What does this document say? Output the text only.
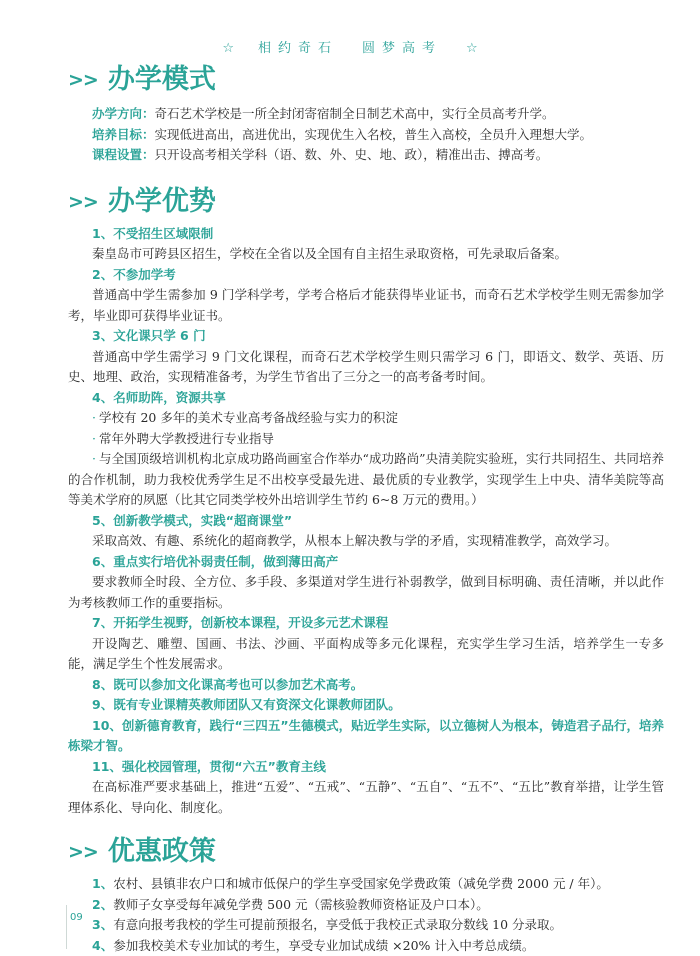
☆ 相约奇石 圆梦高考 ☆
>> 办学模式
办学方向：奇石艺术学校是一所全封闭寄宿制全日制艺术高中，实行全员高考升学。
培养目标：实现低进高出，高进优出，实现优生入名校，普生入高校，全员升入理想大学。
课程设置：只开设高考相关学科（语、数、外、史、地、政），精准出击、搏高考。
>> 办学优势
1、不受招生区域限制
秦皇岛市可跨县区招生，学校在全省以及全国有自主招生录取资格，可先录取后备案。
2、不参加学考
普通高中学生需参加 9 门学科学考，学考合格后才能获得毕业证书，而奇石艺术学校学生则无需参加学考，毕业即可获得毕业证书。
3、文化课只学 6 门
普通高中学生需学习 9 门文化课程，而奇石艺术学校学生则只需学习 6 门，即语文、数学、英语、历史、地理、政治，实现精准备考，为学生节省出了三分之一的高考备考时间。
4、名师助阵，资源共享
· 学校有 20 多年的美术专业高考备战经验与实力的积淀
· 常年外聘大学教授进行专业指导
· 与全国顶级培训机构北京成功路尚画室合作举办“成功路尚”央清美院实验班，实行共同招生、共同培养的合作机制，助力我校优秀学生足不出校享受最先进、最优质的专业教学，实现学生上中央、清华美院等高等美术学府的夙愿（比其它同类学校外出培训学生节约 6~8 万元的费用。）
5、创新教学模式，实践“超商课堂”
采取高效、有趣、系统化的超商教学，从根本上解决教与学的矛盾，实现精准教学，高效学习。
6、重点实行培优补弱责任制，做到薄田高产
要求教师全时段、全方位、多手段、多渠道对学生进行补弱教学，做到目标明确、责任清晰，并以此作为考核教师工作的重要指标。
7、开拓学生视野，创新校本课程，开设多元艺术课程
开设陶艺、雕塑、国画、书法、沙画、平面构成等多元化课程，充实学生学习生活，培养学生一专多能，满足学生个性发展需求。
8、既可以参加文化课高考也可以参加艺术高考。
9、既有专业课精英教师团队又有资深文化课教师团队。
10、创新德育教育，践行“三四五”生德模式，贴近学生实际，以立德树人为根本，铸造君子品行，培养栋梁才智。
11、强化校园管理，贯彻“六五”教育主线
在高标准严要求基础上，推进“五爱”、“五戒”、“五静”、“五自”、“五不”、“五比”教育举措，让学生管理体系化、导向化、制度化。
>> 优惠政策
1、农村、县镇非农户口和城市低保户的学生享受国家免学费政策（减免学费 2000 元 / 年）。
2、教师子女享受每年减免学费 500 元（需核验教师资格证及户口本）。
3、有意向报考我校的学生可提前预报名，享受低于我校正式录取分数线 10 分录取。
4、参加我校美术专业加试的考生，享受专业加试成绩 ×20% 计入中考总成绩。
09
